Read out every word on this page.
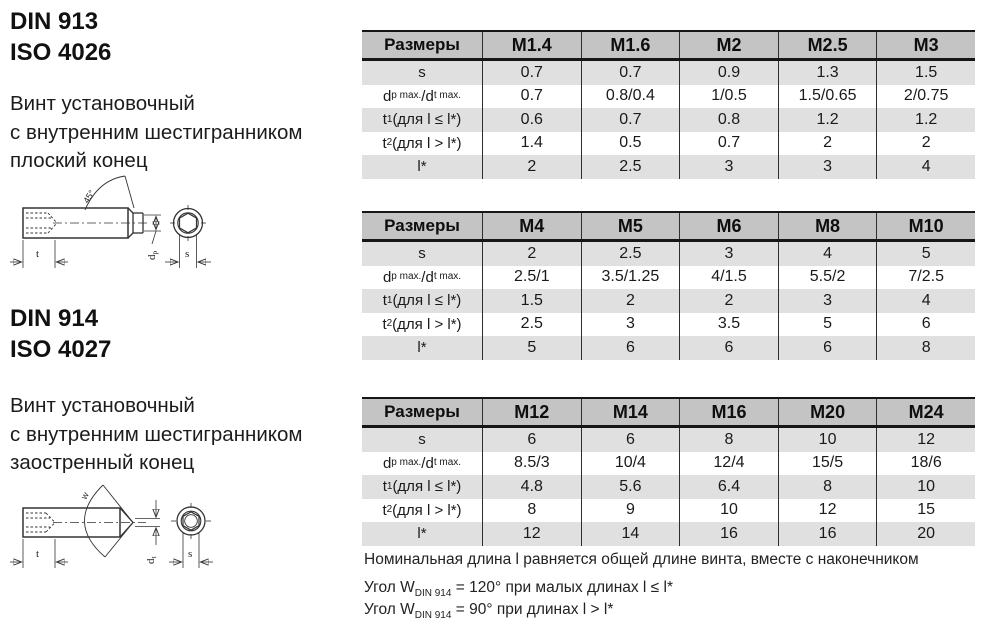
DIN 913
ISO 4026
Винт установочный
с внутренним шестигранником
плоский конец
45°
t	dp s
DIN 914
ISO 4027
Винт установочный
с внутренним шестигранником
заостренный конец
w
t
dt	s
Размеры	M1.4	M1.6	M2	M2.5	M3
s	0.7	0.7	0.9	1.3	1.5
d p max. /d t max.	0.7	0.8/0.4	1/0.5	1.5/0.65	2/0.75
t 1 (для l ≤ l*)	0.6	0.7	0.8	1.2	1.2
t 2 (для l > l*)	1.4	0.5	0.7	2	2
l*	2	2.5	3	3	4
Размеры	M4	M5	M6	M8	M10
s	2	2.5	3	4	5
d p max. /d t max.	2.5/1	3.5/1.25	4/1.5	5.5/2	7/2.5
t 1 (для l ≤ l*)	1.5	2	2	3	4
t 2 (для l > l*)	2.5	3	3.5	5	6
l*	5	6	6	6	8
Размеры	M12	M14	M16	M20	M24
s	6	6	8	10	12
d p max. /d t max.	8.5/3	10/4	12/4	15/5	18/6
t 1 (для l ≤ l*)	4.8	5.6	6.4	8	10
t 2 (для l > l*)	8	9	10	12	15
l*	12	14	16	16	20
Номинальная длина l равняется общей длине винта, вместе с наконечником
Угол $W_{DIN 914} = 120^\circ$ при малых длинах l ≤ l*
Угол $W_{DIN 914} = 90^\circ$ при длинах l > l*
